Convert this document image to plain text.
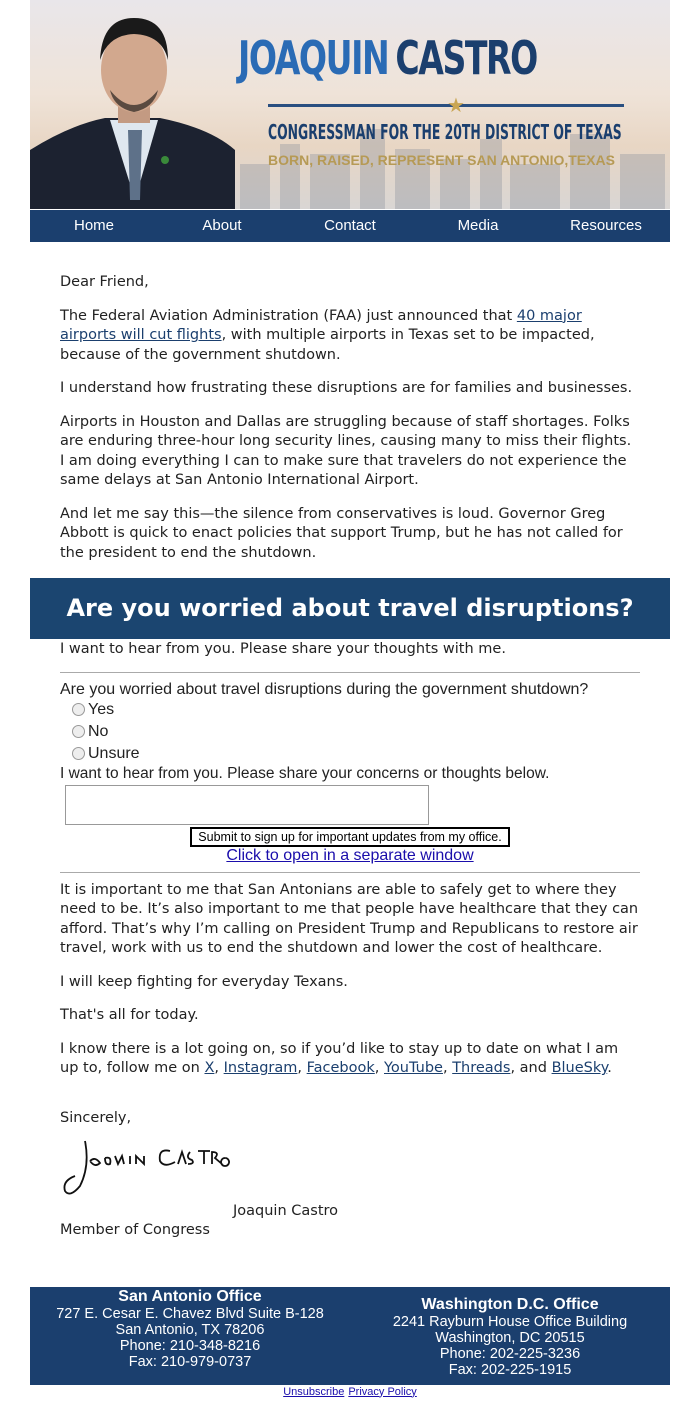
JOAQUIN CASTRO
★
CONGRESSMAN FOR THE 20TH DISTRICT OF TEXAS
BORN, RAISED, REPRESENT SAN ANTONIO,TEXAS
Home	About	Contact	Media	Resources

Dear Friend,

The Federal Aviation Administration (FAA) just announced that 40 major airports will cut flights, with multiple airports in Texas set to be impacted, because of the government shutdown.

I understand how frustrating these disruptions are for families and businesses.

Airports in Houston and Dallas are struggling because of staff shortages. Folks are enduring three-hour long security lines, causing many to miss their flights. I am doing everything I can to make sure that travelers do not experience the same delays at San Antonio International Airport.

And let me say this—the silence from conservatives is loud. Governor Greg Abbott is quick to enact policies that support Trump, but he has not called for the president to end the shutdown.

Are you worried about travel disruptions?

I want to hear from you. Please share your thoughts with me.

Are you worried about travel disruptions during the government shutdown?
Yes
No
Unsure
I want to hear from you. Please share your concerns or thoughts below.
Submit to sign up for important updates from my office.
Click to open in a separate window

It is important to me that San Antonians are able to safely get to where they need to be. It’s also important to me that people have healthcare that they can afford. That’s why I’m calling on President Trump and Republicans to restore air travel, work with us to end the shutdown and lower the cost of healthcare.

I will keep fighting for everyday Texans.

That's all for today.

I know there is a lot going on, so if you’d like to stay up to date on what I am up to, follow me on X, Instagram, Facebook, YouTube, Threads, and BlueSky.

Sincerely,

Joaquin Castro
Member of Congress
San Antonio Office
727 E. Cesar E. Chavez Blvd Suite B-128
San Antonio, TX 78206
Phone: 210-348-8216
Fax: 210-979-0737
Washington D.C. Office
2241 Rayburn House Office Building
Washington, DC 20515
Phone: 202-225-3236
Fax: 202-225-1915
Unsubscribe Privacy Policy
